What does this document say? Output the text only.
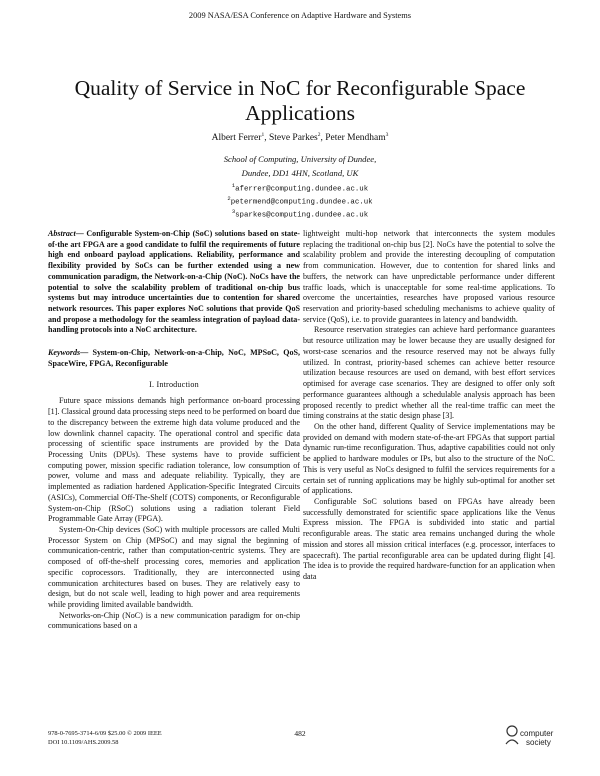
2009 NASA/ESA Conference on Adaptive Hardware and Systems
Quality of Service in NoC for Reconfigurable Space Applications
Albert Ferrer$^1$, Steve Parkes$^2$, Peter Mendham$^3$
School of Computing, University of Dundee,
Dundee, DD1 4HN, Scotland, UK
$^1$aferrer@computing.dundee.ac.uk
$^2$petermend@computing.dundee.ac.uk
$^3$sparkes@computing.dundee.ac.uk

Abstract— Configurable System-on-Chip (SoC) solutions based on state-of-the art FPGA are a good candidate to fulfil the requirements of future high end onboard payload applications. Reliability, performance and flexibility provided by SoCs can be further extended using a new communication paradigm, the Network-on-a-Chip (NoC). NoCs have the potential to solve the scalability problem of traditional on-chip bus systems but may introduce uncertainties due to contention for shared network resources. This paper explores NoC solutions that provide QoS and propose a methodology for the seamless integration of payload data-handling protocols into a NoC architecture.

Keywords— System-on-Chip, Network-on-a-Chip, NoC, MPSoC, QoS, SpaceWire, FPGA, Reconfigurable

I. Introduction

Future space missions demands high performance on-board processing [1]. Classical ground data processing steps need to be performed on board due to the discrepancy between the extreme high data volume produced and the low downlink channel capacity. The operational control and specific data processing of scientific space instruments are provided by the Data Processing Units (DPUs). These systems have to provide sufficient computing power, mission specific radiation tolerance, low consumption of power, volume and mass and adequate reliability. Typically, they are implemented as radiation hardened Application-Specific Integrated Circuits (ASICs), Commercial Off-The-Shelf (COTS) components, or Reconfigurable System-on-Chip (RSoC) solutions using a radiation tolerant Field Programmable Gate Array (FPGA).

System-On-Chip devices (SoC) with multiple processors are called Multi Processor System on Chip (MPSoC) and may signal the beginning of communication-centric, rather than computation-centric systems. They are composed of off-the-shelf processing cores, memories and application specific coprocessors. Traditionally, they are interconnected using communication architectures based on buses. They are relatively easy to design, but do not scale well, leading to high power and area requirements while providing limited available bandwidth.

Networks-on-Chip (NoC) is a new communication paradigm for on-chip communications based on a

lightweight multi-hop network that interconnects the system modules replacing the traditional on-chip bus [2]. NoCs have the potential to solve the scalability problem and provide the interesting decoupling of computation from communication. However, due to contention for shared links and buffers, the network can have unpredictable performance under different traffic loads, which is unacceptable for some real-time applications. To overcome the uncertainties, researches have proposed various resource reservation and priority-based scheduling mechanisms to achieve quality of service (QoS), i.e. to provide guarantees in latency and bandwidth.

Resource reservation strategies can achieve hard performance guarantees but resource utilization may be lower because they are usually designed for worst-case scenarios and the resource reserved may not be always fully utilized. In contrast, priority-based schemes can achieve better resource utilization because resources are used on demand, with best effort services optimised for average case scenarios. They are designed to offer only soft performance guarantees although a schedulable analysis approach has been proposed recently to predict whether all the real-time traffic can meet the timing constrains at the static design phase [3].

On the other hand, different Quality of Service implementations may be provided on demand with modern state-of-the-art FPGAs that support partial dynamic run-time reconfiguration. Thus, adaptive capabilities could not only be applied to hardware modules or IPs, but also to the structure of the NoC. This is very useful as NoCs designed to fulfil the services requirements for a certain set of running applications may be highly sub-optimal for another set of applications.

Configurable SoC solutions based on FPGAs have already been successfully demonstrated for scientific space applications like the Venus Express mission. The FPGA is subdivided into static and partial reconfigurable areas. The static area remains unchanged during the whole mission and stores all mission critical interfaces (e.g. processor, interfaces to spacecraft). The partial reconfigurable area can be updated during flight [4]. The idea is to provide the required hardware-function for an application when data

978-0-7695-3714-6/09 $25.00 © 2009 IEEE
DOI 10.1109/AHS.2009.58
482	computer
society
